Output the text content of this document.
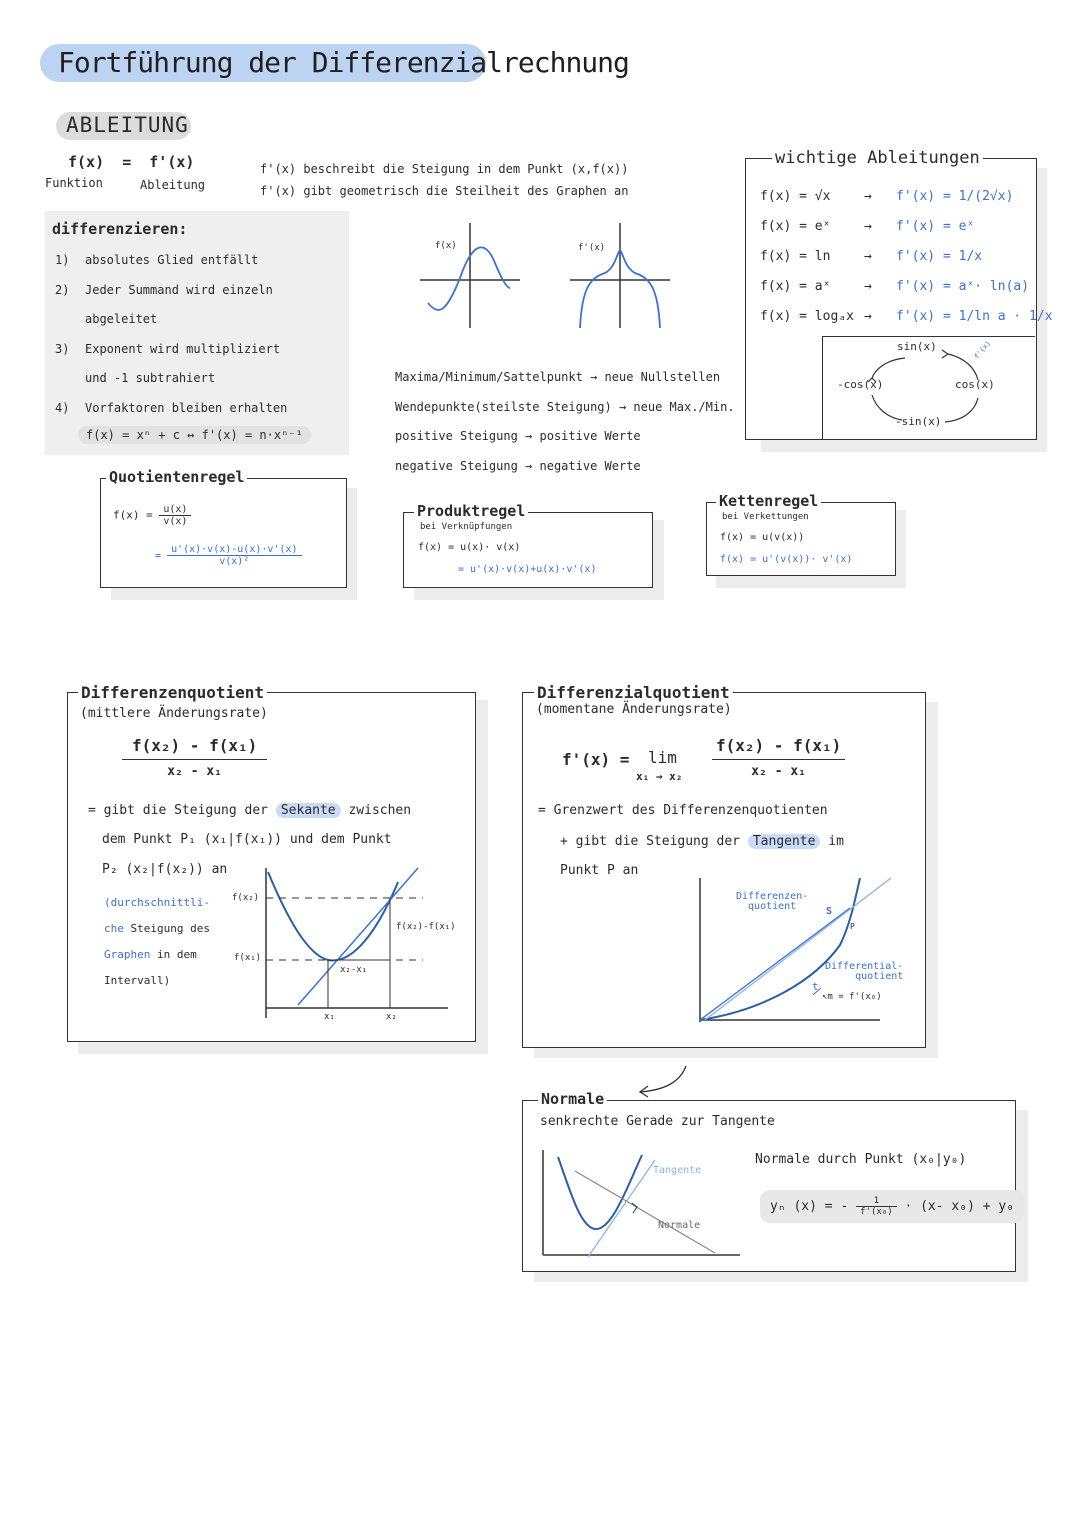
Fortführung der Differenzialrechnung
ABLEITUNG
f(x) = f'(x)
Funktion	Ableitung
f'(x) beschreibt die Steigung in dem Punkt (x,f(x))
f'(x) gibt geometrisch die Steilheit des Graphen an
differenzieren:
1) absolutes Glied entfällt
2) Jeder Summand wird einzeln
abgeleitet
3) Exponent wird multipliziert
und -1 subtrahiert
4) Vorfaktoren bleiben erhalten
f(x) = xⁿ + c ↔ f'(x) = n·xⁿ⁻¹
f(x)	f'(x)
Maxima/Minimum/Sattelpunkt → neue Nullstellen
Wendepunkte(steilste Steigung) → neue Max./Min.
positive Steigung → positive Werte
negative Steigung → negative Werte
wichtige Ableitungen
f(x) = √x	→ f'(x) = 1/(2√x)
f(x) = eˣ	→ f'(x) = eˣ
f(x) = ln	→ f'(x) = 1/x
f(x) = aˣ	→ f'(x) = aˣ· ln(a)
f(x) = logₐx → f'(x) = 1/ln a · 1/x
sin(x)
cos(x)
-sin(x)
-cos(x)
f'(x)
Quotientenregel
$f(x) = \frac{u(x)}{v(x)}$
= $\frac{u'(x)\cdot v(x)-u(x)\cdot v'(x)}{\text{v(x)²}}$
Produktregel
bei Verknüpfungen
f(x) = u(x)· v(x)
= u'(x)·v(x)+u(x)·v'(x)
Kettenregel
bei Verkettungen
f(x) = u(v(x))
f(x) = u'(v(x))· v'(x)
Differenzenquotient
(mittlere Änderungsrate)
$\frac{\text{f(x₂) - f(x₁)}}{\text{x₂ - x₁}}$
= gibt die Steigung der Sekante zwischen
dem Punkt P₁ (x₁|f(x₁)) und dem Punkt
P₂ (x₂|f(x₂)) an
(durchschnittli-
che Steigung des
Graphen in dem
Intervall)
f(x₂)
f(x₁)
f(x₂)-f(x₁)
x₂-x₁
x₁	x₂
Differenzialquotient
(momentane Änderungsrate)
f'(x) = lim
$x_1 \to x_2 \frac{\text{f(x₂) - f(x₁)}}{\text{x₂ - x₁}}$
= Grenzwert des Differenzenquotienten
+ gibt die Steigung der Tangente im
Punkt P an
Differenzen-
quotient	S
P
Differential-
quotient
t
↖m = f'(x₀)
Normale
senkrechte Gerade zur Tangente
Normale durch Punkt (x₀|y₀)
yₙ (x) = - $\frac{1}{\text{f'(x₀)}} \cdot (x-$ x₀) + y₀
Tangente
Normale
